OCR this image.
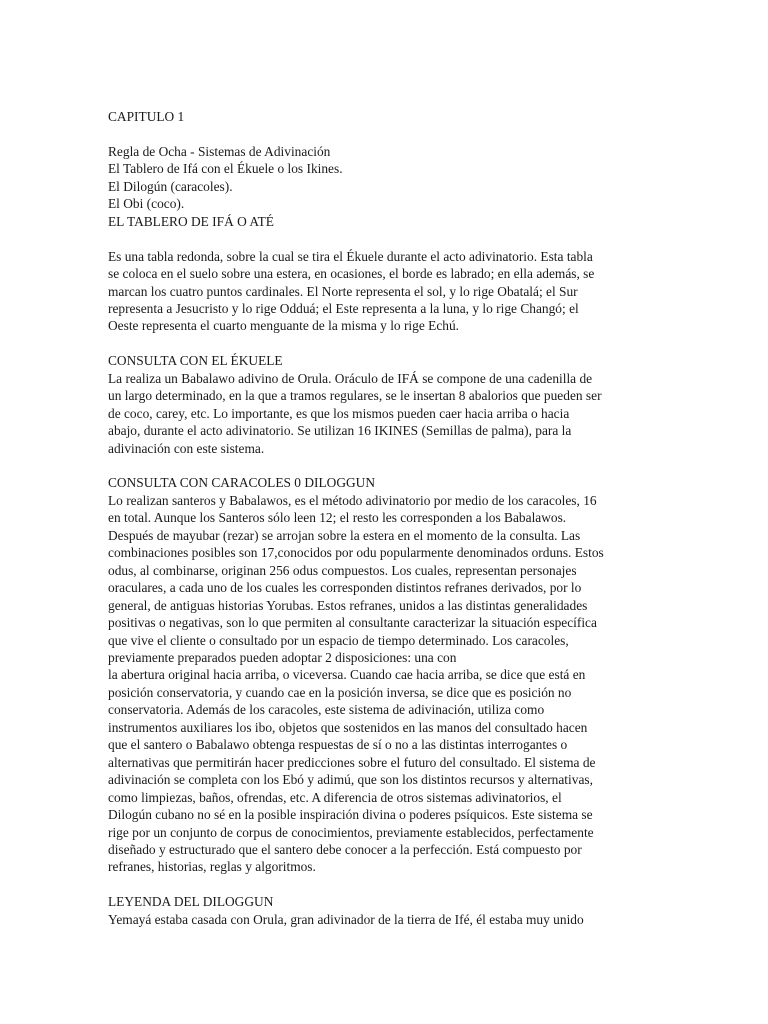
CAPITULO 1
Regla de Ocha - Sistemas de Adivinación
El Tablero de Ifá con el Ékuele o los Ikines.
El Dilogún (caracoles).
El Obi (coco).
EL TABLERO DE IFÁ O ATÉ
Es una tabla redonda, sobre la cual se tira el Ékuele durante el acto adivinatorio. Esta tabla
se coloca en el suelo sobre una estera, en ocasiones, el borde es labrado; en ella además, se
marcan los cuatro puntos cardinales. El Norte representa el sol, y lo rige Obatalá; el Sur
representa a Jesucristo y lo rige Odduá; el Este representa a la luna, y lo rige Changó; el
Oeste representa el cuarto menguante de la misma y lo rige Echú.
CONSULTA CON EL ÉKUELE
La realiza un Babalawo adivino de Orula. Oráculo de IFÁ se compone de una cadenilla de
un largo determinado, en la que a tramos regulares, se le insertan 8 abalorios que pueden ser
de coco, carey, etc. Lo importante, es que los mismos pueden caer hacia arriba o hacia
abajo, durante el acto adivinatorio. Se utilizan 16 IKINES (Semillas de palma), para la
adivinación con este sistema.
CONSULTA CON CARACOLES 0 DILOGGUN
Lo realizan santeros y Babalawos, es el método adivinatorio por medio de los caracoles, 16
en total. Aunque los Santeros sólo leen 12; el resto les corresponden a los Babalawos.
Después de mayubar (rezar) se arrojan sobre la estera en el momento de la consulta. Las
combinaciones posibles son 17,conocidos por odu popularmente denominados orduns. Estos
odus, al combinarse, originan 256 odus compuestos. Los cuales, representan personajes
oraculares, a cada uno de los cuales les corresponden distintos refranes derivados, por lo
general, de antiguas historias Yorubas. Estos refranes, unidos a las distintas generalidades
positivas o negativas, son lo que permiten al consultante caracterizar la situación específica
que vive el cliente o consultado por un espacio de tiempo determinado. Los caracoles,
previamente preparados pueden adoptar 2 disposiciones: una con
la abertura original hacia arriba, o viceversa. Cuando cae hacia arriba, se dice que está en
posición conservatoria, y cuando cae en la posición inversa, se dice que es posición no
conservatoria. Además de los caracoles, este sistema de adivinación, utiliza como
instrumentos auxiliares los ibo, objetos que sostenidos en las manos del consultado hacen
que el santero o Babalawo obtenga respuestas de sí o no a las distintas interrogantes o
alternativas que permitirán hacer predicciones sobre el futuro del consultado. El sistema de
adivinación se completa con los Ebó y adimú, que son los distintos recursos y alternativas,
como limpiezas, baños, ofrendas, etc. A diferencia de otros sistemas adivinatorios, el
Dilogún cubano no sé en la posible inspiración divina o poderes psíquicos. Este sistema se
rige por un conjunto de corpus de conocimientos, previamente establecidos, perfectamente
diseñado y estructurado que el santero debe conocer a la perfección. Está compuesto por
refranes, historias, reglas y algoritmos.
LEYENDA DEL DILOGGUN
Yemayá estaba casada con Orula, gran adivinador de la tierra de Ifé, él estaba muy unido
